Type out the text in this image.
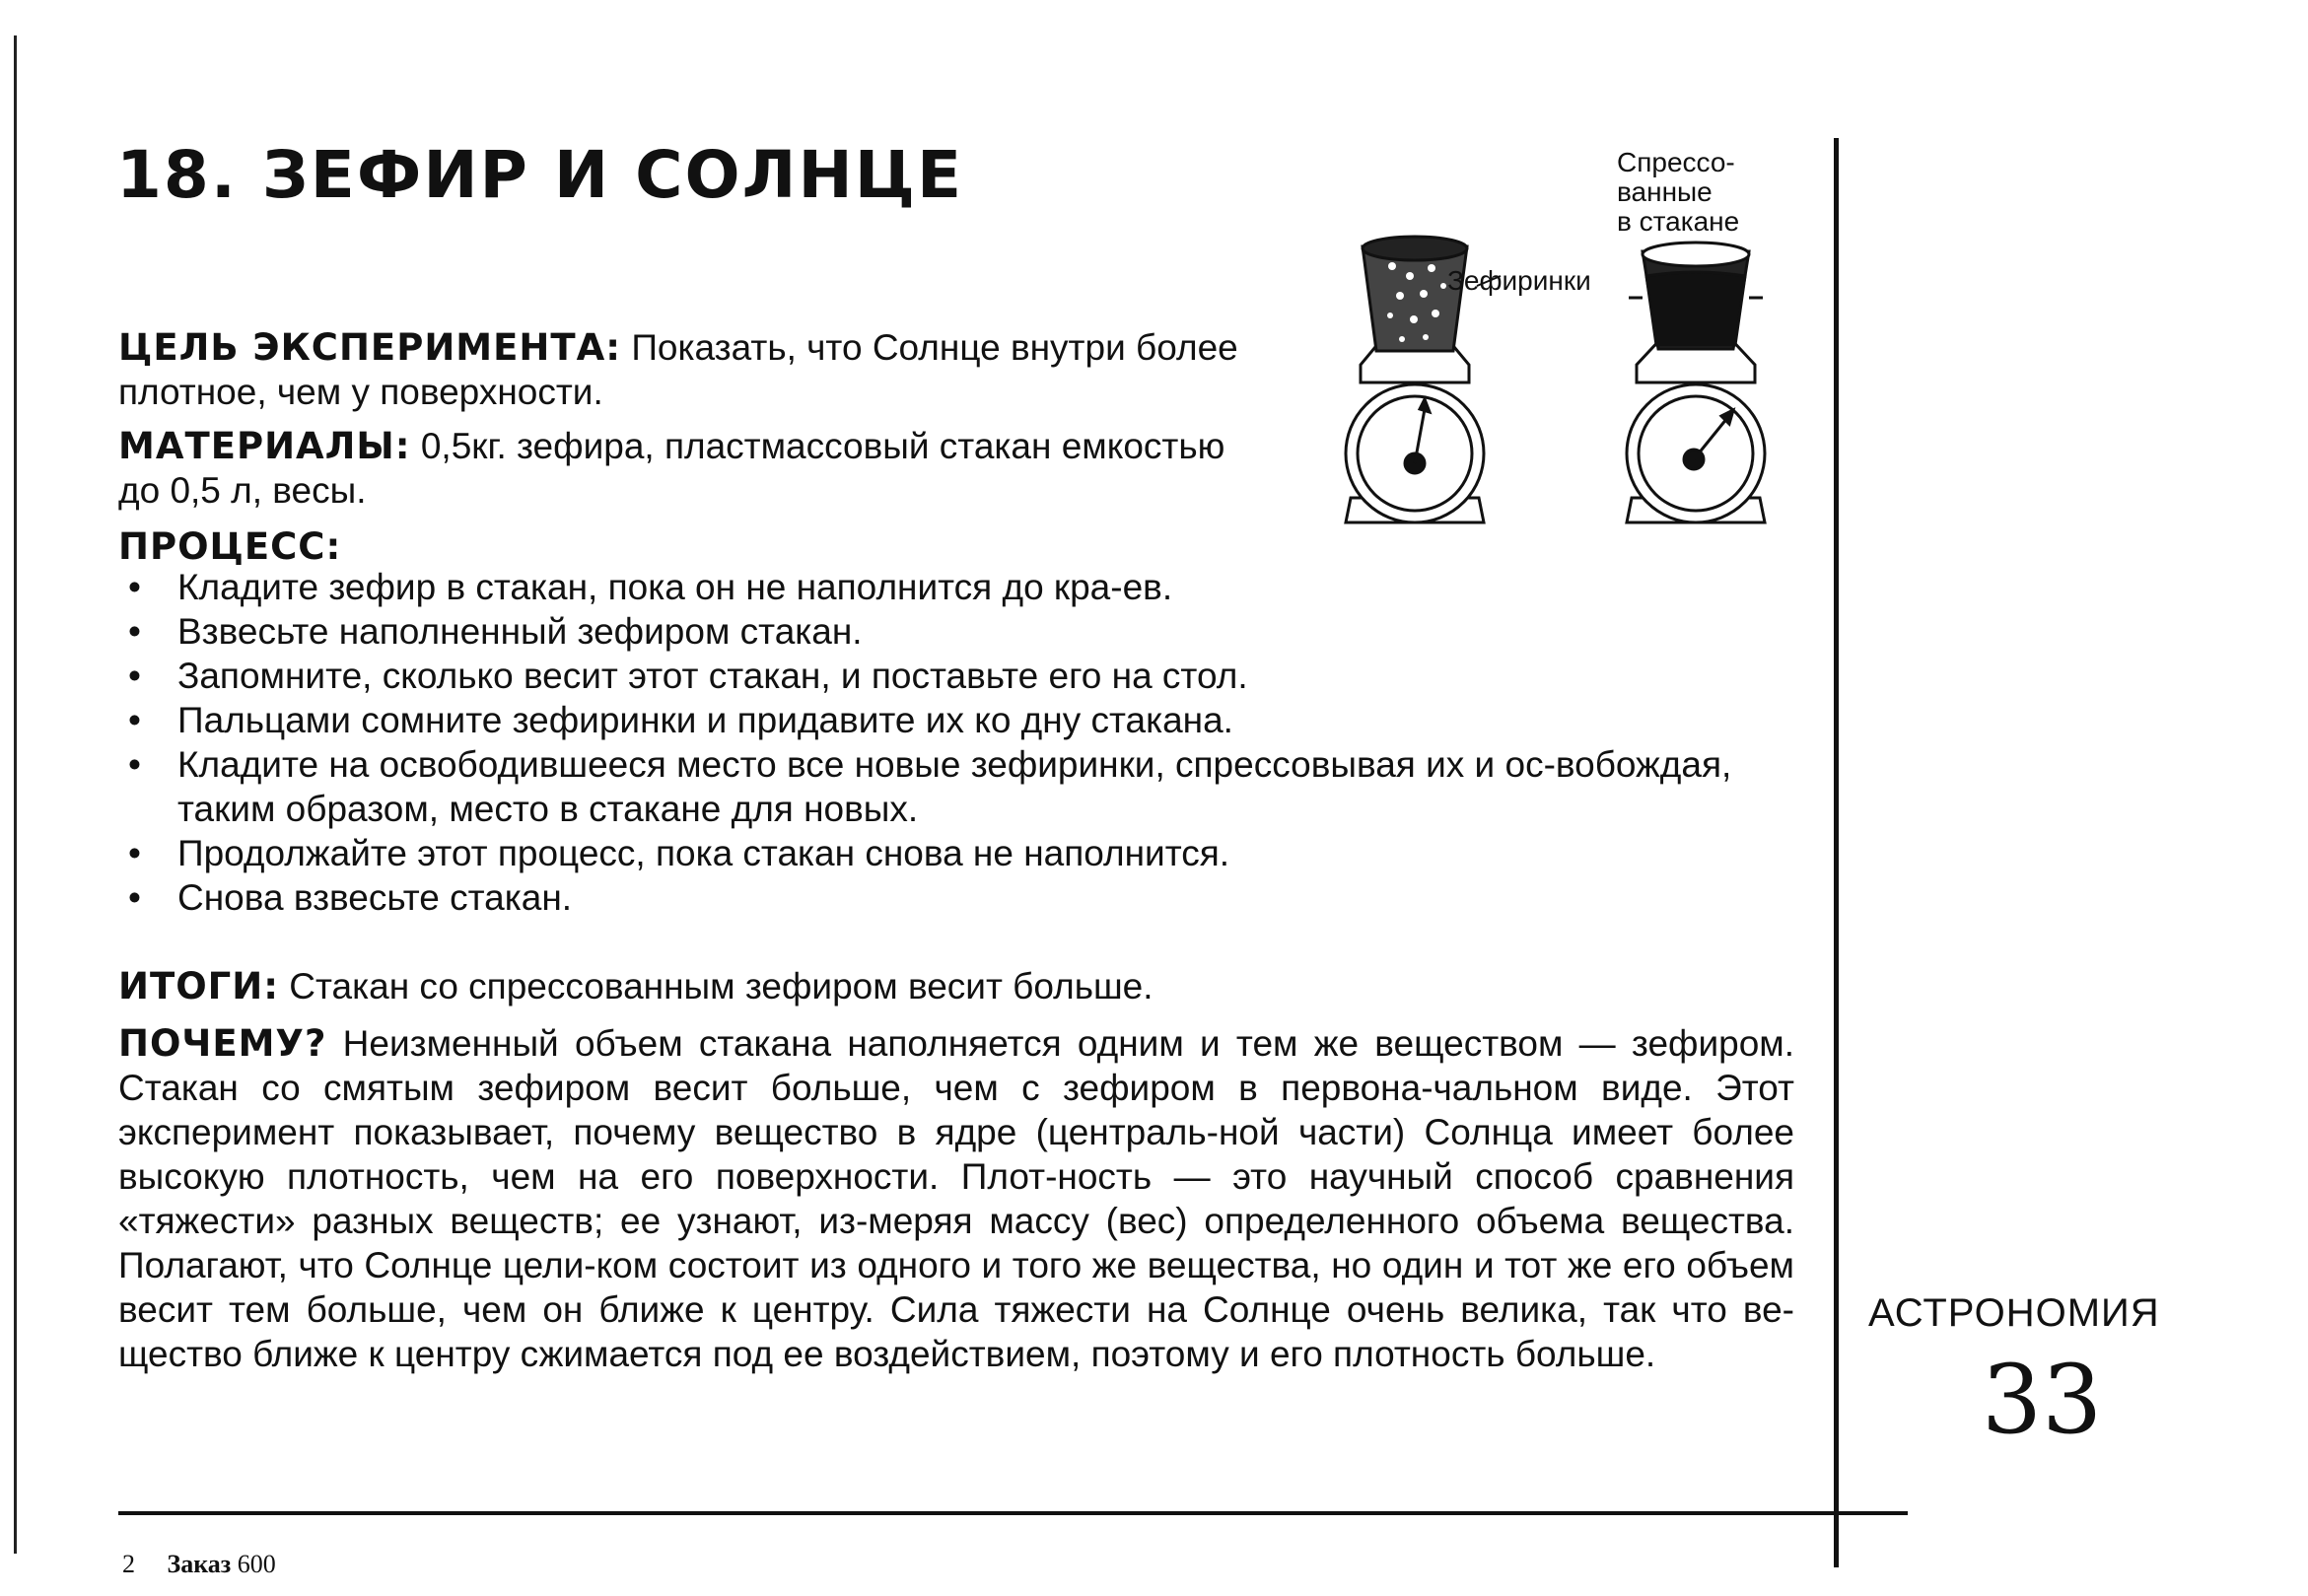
18. ЗЕФИР И СОЛНЦЕ	Спрессо-
ванные
в стакане
Зефиринки
ЦЕЛЬ ЭКСПЕРИМЕНТА: Показать, что Солнце внутри более плотное, чем у поверхности.
МАТЕРИАЛЫ: 0,5кг. зефира, пластмассовый стакан емкостью до 0,5 л, весы.
ПРОЦЕСС:
• Кладите зефир в стакан, пока он не наполнится до кра-ев.
• Взвесьте наполненный зефиром стакан.
• Запомните, сколько весит этот стакан, и поставьте его на стол.
• Пальцами сомните зефиринки и придавите их ко дну стакана.
• Кладите на освободившееся место все новые зефиринки, спрессовывая их и ос-вобождая, таким образом, место в стакане для новых.
• Продолжайте этот процесс, пока стакан снова не наполнится.
• Снова взвесьте стакан.
ИТОГИ: Стакан со спрессованным зефиром весит больше.
ПОЧЕМУ? Неизменный объем стакана наполняется одним и тем же веществом — зефиром. Стакан со смятым зефиром весит больше, чем с зефиром в первона-чальном виде. Этот эксперимент показывает, почему вещество в ядре (централь-ной части) Солнца имеет более высокую плотность, чем на его поверхности. Плот-ность — это научный способ сравнения «тяжести» разных веществ; ее узнают, из-меряя массу (вес) определенного объема вещества. Полагают, что Солнце цели-ком состоит из одного и того же вещества, но один и тот же его объем весит тем больше, чем он ближе к центру. Сила тяжести на Солнце очень велика, так что ве-щество ближе к центру сжимается под ее воздействием, поэтому и его плотность больше.
АСТРОНОМИЯ
33
2 Заказ 600
